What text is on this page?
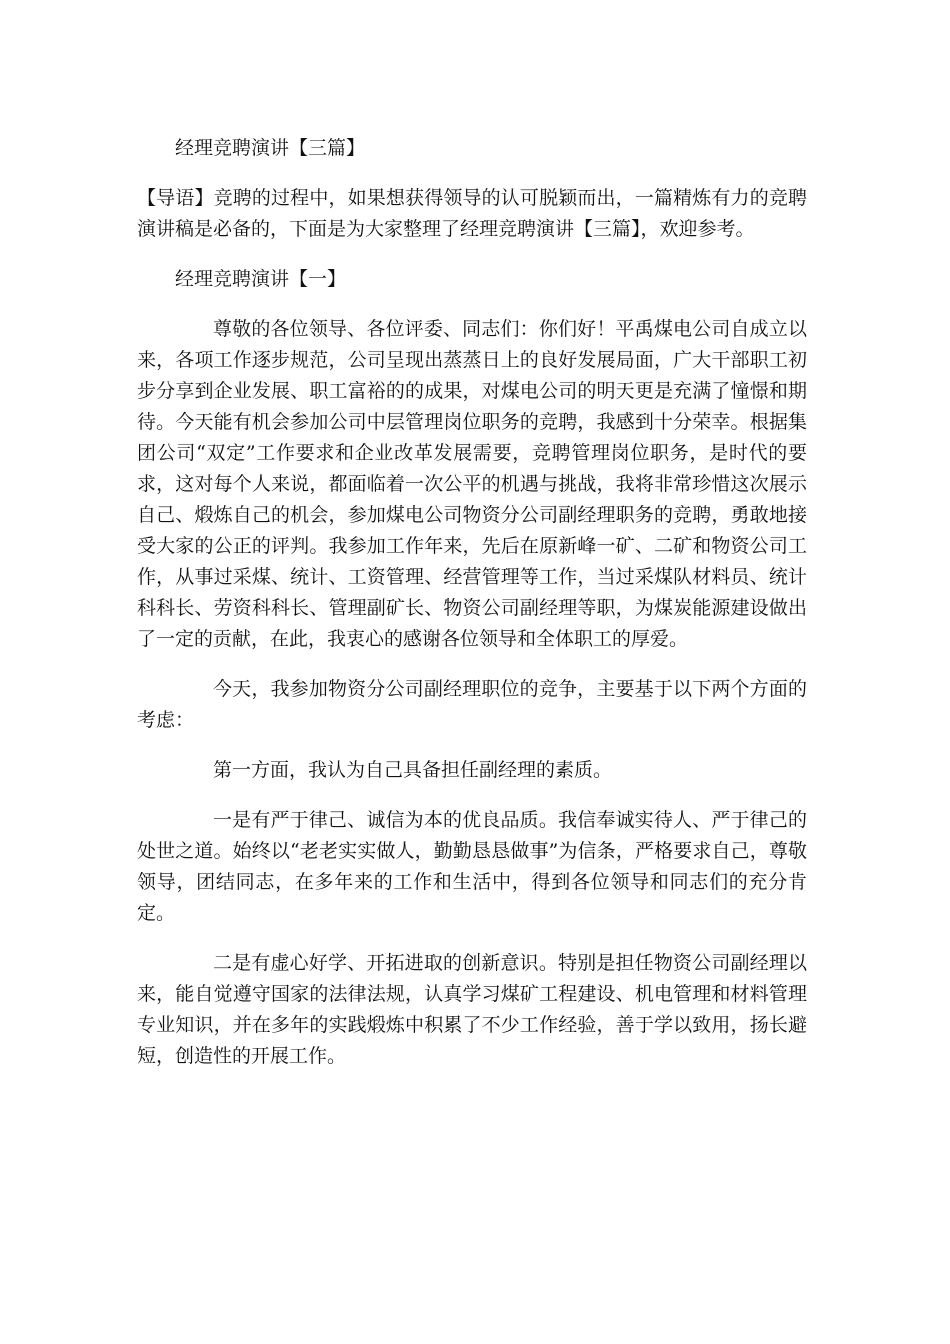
经理竞聘演讲【三篇】

【导语】竞聘的过程中，如果想获得领导的认可脱颖而出，一篇精炼有力的竞聘演讲稿是必备的，下面是为大家整理了经理竞聘演讲【三篇】，欢迎参考。

经理竞聘演讲【一】

尊敬的各位领导、各位评委、同志们：你们好！平禹煤电公司自成立以来，各项工作逐步规范，公司呈现出蒸蒸日上的良好发展局面，广大干部职工初步分享到企业发展、职工富裕的的成果，对煤电公司的明天更是充满了憧憬和期待。今天能有机会参加公司中层管理岗位职务的竞聘，我感到十分荣幸。根据集团公司“双定”工作要求和企业改革发展需要，竞聘管理岗位职务，是时代的要求，这对每个人来说，都面临着一次公平的机遇与挑战，我将非常珍惜这次展示自己、煅炼自己的机会，参加煤电公司物资分公司副经理职务的竞聘，勇敢地接受大家的公正的评判。我参加工作年来，先后在原新峰一矿、二矿和物资公司工作，从事过采煤、统计、工资管理、经营管理等工作，当过采煤队材料员、统计科科长、劳资科科长、管理副矿长、物资公司副经理等职，为煤炭能源建设做出了一定的贡献，在此，我衷心的感谢各位领导和全体职工的厚爱。

今天，我参加物资分公司副经理职位的竞争，主要基于以下两个方面的考虑：

第一方面，我认为自己具备担任副经理的素质。

一是有严于律己、诚信为本的优良品质。我信奉诚实待人、严于律己的处世之道。始终以“老老实实做人，勤勤恳恳做事”为信条，严格要求自己，尊敬领导，团结同志，在多年来的工作和生活中，得到各位领导和同志们的充分肯定。

二是有虚心好学、开拓进取的创新意识。特别是担任物资公司副经理以来，能自觉遵守国家的法律法规，认真学习煤矿工程建设、机电管理和材料管理专业知识，并在多年的实践煅炼中积累了不少工作经验，善于学以致用，扬长避短，创造性的开展工作。
